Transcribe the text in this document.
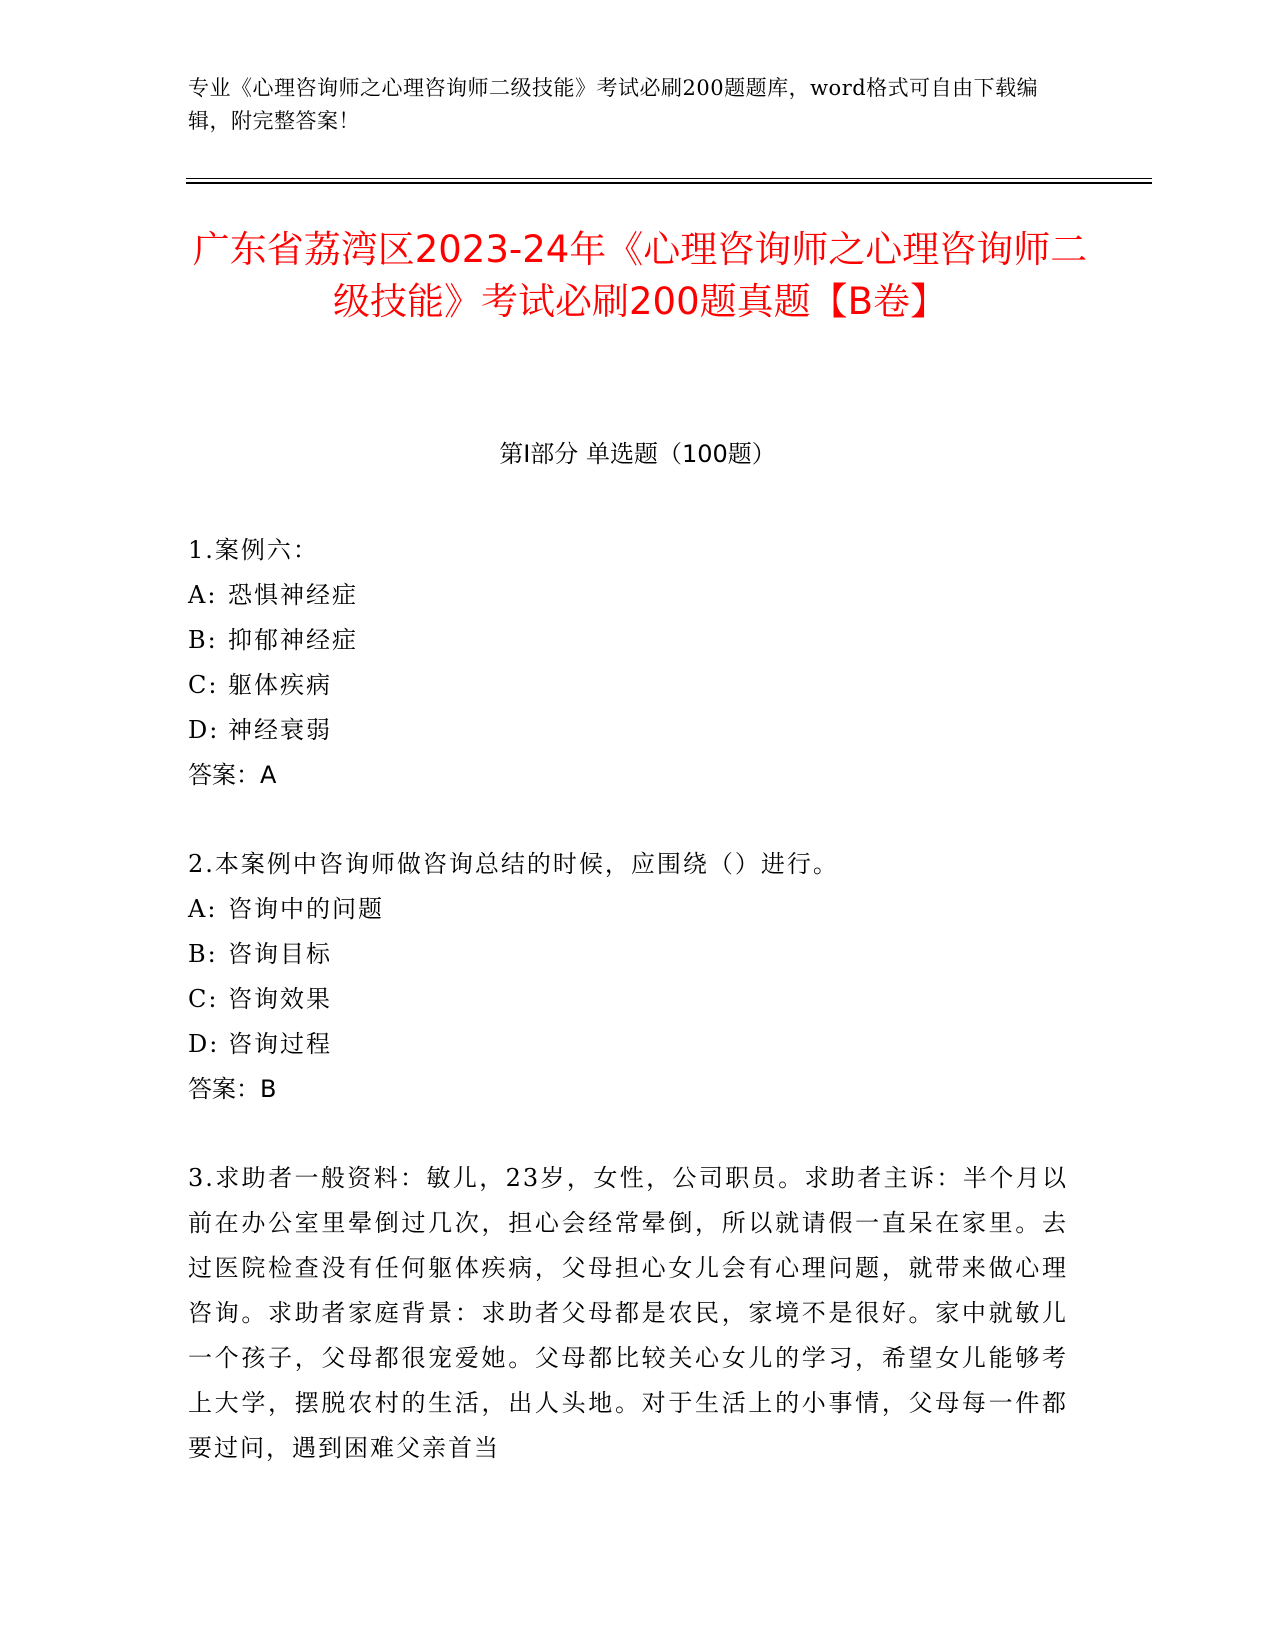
专业《心理咨询师之心理咨询师二级技能》考试必刷200题题库，word格式可自由下载编辑，附完整答案！
广东省荔湾区2023-24年《心理咨询师之心理咨询师二级技能》考试必刷200题真题【B卷】
第I部分 单选题（100题）
1.案例六：
A: 恐惧神经症
B: 抑郁神经症
C: 躯体疾病
D: 神经衰弱
答案：A
2.本案例中咨询师做咨询总结的时候，应围绕（）进行。
A: 咨询中的问题
B: 咨询目标
C: 咨询效果
D: 咨询过程
答案：B
3.求助者一般资料：敏儿，23岁，女性，公司职员。求助者主诉：半个月以前在办公室里晕倒过几次，担心会经常晕倒，所以就请假一直呆在家里。去过医院检查没有任何躯体疾病，父母担心女儿会有心理问题，就带来做心理咨询。求助者家庭背景：求助者父母都是农民，家境不是很好。家中就敏儿一个孩子，父母都很宠爱她。父母都比较关心女儿的学习，希望女儿能够考上大学，摆脱农村的生活，出人头地。对于生活上的小事情，父母每一件都要过问，遇到困难父亲首当
